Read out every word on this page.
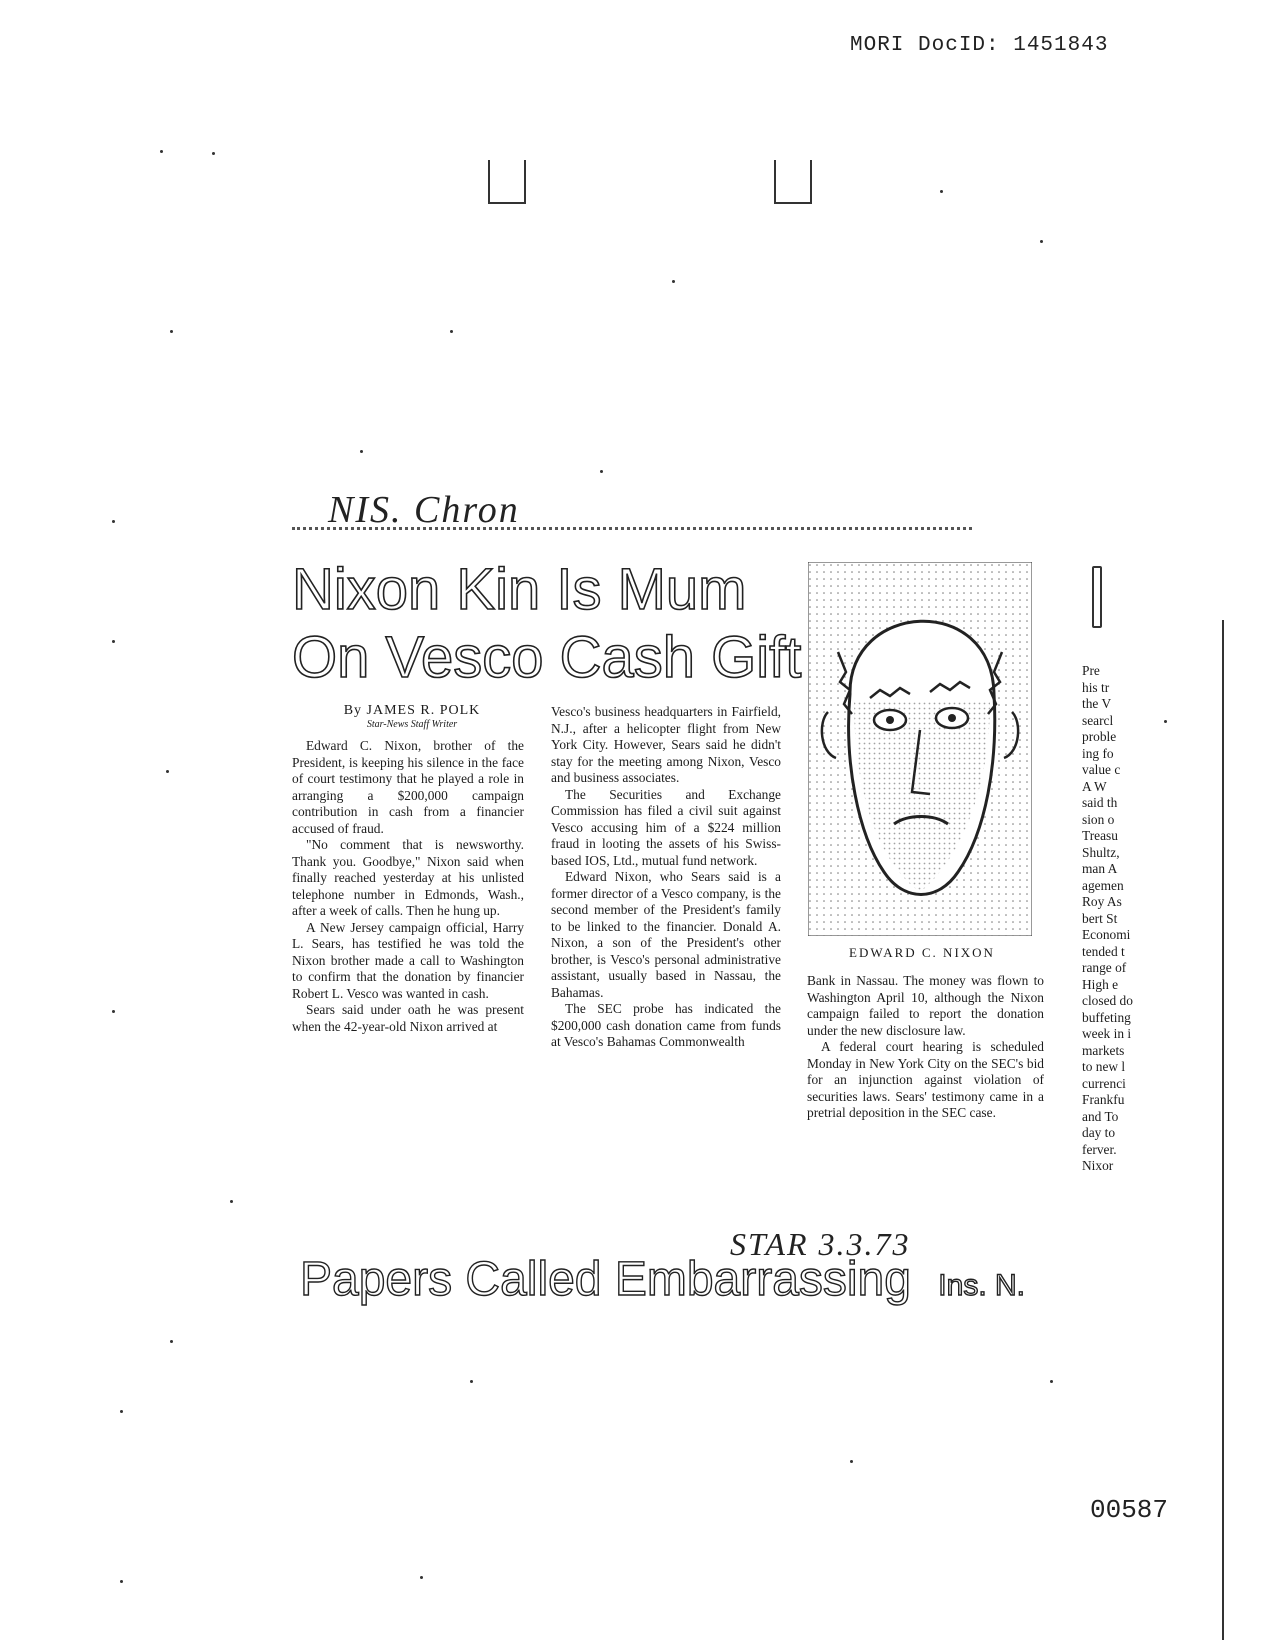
MORI DocID: 1451843
NIS. Chron
Nixon Kin Is Mum
On Vesco Cash Gift
By JAMES R. POLK
Star-News Staff Writer

Edward C. Nixon, brother of the President, is keeping his silence in the face of court testimony that he played a role in arranging a $200,000 campaign contribution in cash from a financier accused of fraud.

"No comment that is newsworthy. Thank you. Goodbye," Nixon said when finally reached yesterday at his unlisted telephone number in Edmonds, Wash., after a week of calls. Then he hung up.

A New Jersey campaign official, Harry L. Sears, has testified he was told the Nixon brother made a call to Washington to confirm that the donation by financier Robert L. Vesco was wanted in cash.

Sears said under oath he was present when the 42-year-old Nixon arrived at

Vesco's business headquarters in Fairfield, N.J., after a helicopter flight from New York City. However, Sears said he didn't stay for the meeting among Nixon, Vesco and business associates.

The Securities and Exchange Commission has filed a civil suit against Vesco accusing him of a $224 million fraud in looting the assets of his Swiss-based IOS, Ltd., mutual fund network.

Edward Nixon, who Sears said is a former director of a Vesco company, is the second member of the President's family to be linked to the financier. Donald A. Nixon, a son of the President's other brother, is Vesco's personal administrative assistant, usually based in Nassau, the Bahamas.

The SEC probe has indicated the $200,000 cash donation came from funds at Vesco's Bahamas Commonwealth

EDWARD C. NIXON

Bank in Nassau. The money was flown to Washington April 10, although the Nixon campaign failed to report the donation under the new disclosure law.

A federal court hearing is scheduled Monday in New York City on the SEC's bid for an injunction against violation of securities laws. Sears' testimony came in a pretrial deposition in the SEC case.

Pre
his tr
the V
searcl
proble
ing fo
value c
A W
said th
sion o
Treasu
Shultz,
man A
agemen
Roy As
bert St
Economi
tended t
range of
High e
closed do
buffeting
week in i
markets
to new l
currenci
Frankfu
and To
day to
ferver.
Nixor
STAR 3.3.73
Papers Called Embarrassing Ins. N.
00587
